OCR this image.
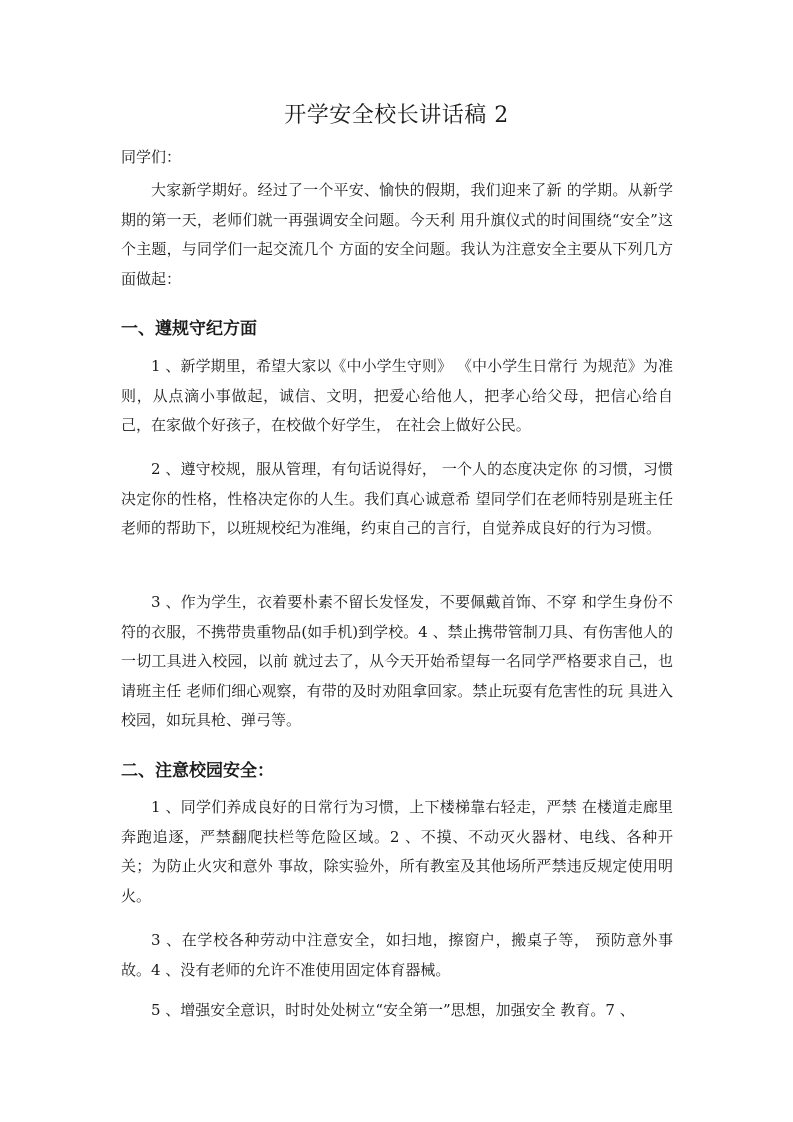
开学安全校长讲话稿 2
同学们：

大家新学期好。经过了一个平安、愉快的假期，我们迎来了新 的学期。从新学期的第一天，老师们就一再强调安全问题。今天利 用升旗仪式的时间围绕“安全”这个主题，与同学们一起交流几个 方面的安全问题。我认为注意安全主要从下列几方面做起：

一、遵规守纪方面

1 、新学期里，希望大家以《中小学生守则》 《中小学生日常行 为规范》为准则，从点滴小事做起，诚信、文明，把爱心给他人，把孝心给父母，把信心给自己，在家做个好孩子，在校做个好学生， 在社会上做好公民。

2 、遵守校规，服从管理，有句话说得好， 一个人的态度决定你 的习惯，习惯决定你的性格，性格决定你的人生。我们真心诚意希 望同学们在老师特别是班主任老师的帮助下，以班规校纪为准绳，约束自己的言行，自觉养成良好的行为习惯。

3 、作为学生，衣着要朴素不留长发怪发，不要佩戴首饰、不穿 和学生身份不符的衣服，不携带贵重物品(如手机)到学校。4 、禁止携带管制刀具、有伤害他人的一切工具进入校园，以前 就过去了，从今天开始希望每一名同学严格要求自己，也请班主任 老师们细心观察，有带的及时劝阻拿回家。禁止玩耍有危害性的玩 具进入校园，如玩具枪、弹弓等。

二、注意校园安全：

1 、同学们养成良好的日常行为习惯，上下楼梯靠右轻走，严禁 在楼道走廊里奔跑追逐，严禁翻爬扶栏等危险区域。2 、不摸、不动灭火器材、电线、各种开关；为防止火灾和意外 事故，除实验外，所有教室及其他场所严禁违反规定使用明火。

3 、在学校各种劳动中注意安全，如扫地，擦窗户，搬桌子等， 预防意外事故。4 、没有老师的允许不准使用固定体育器械。

5 、增强安全意识，时时处处树立“安全第一”思想，加强安全 教育。7 、
